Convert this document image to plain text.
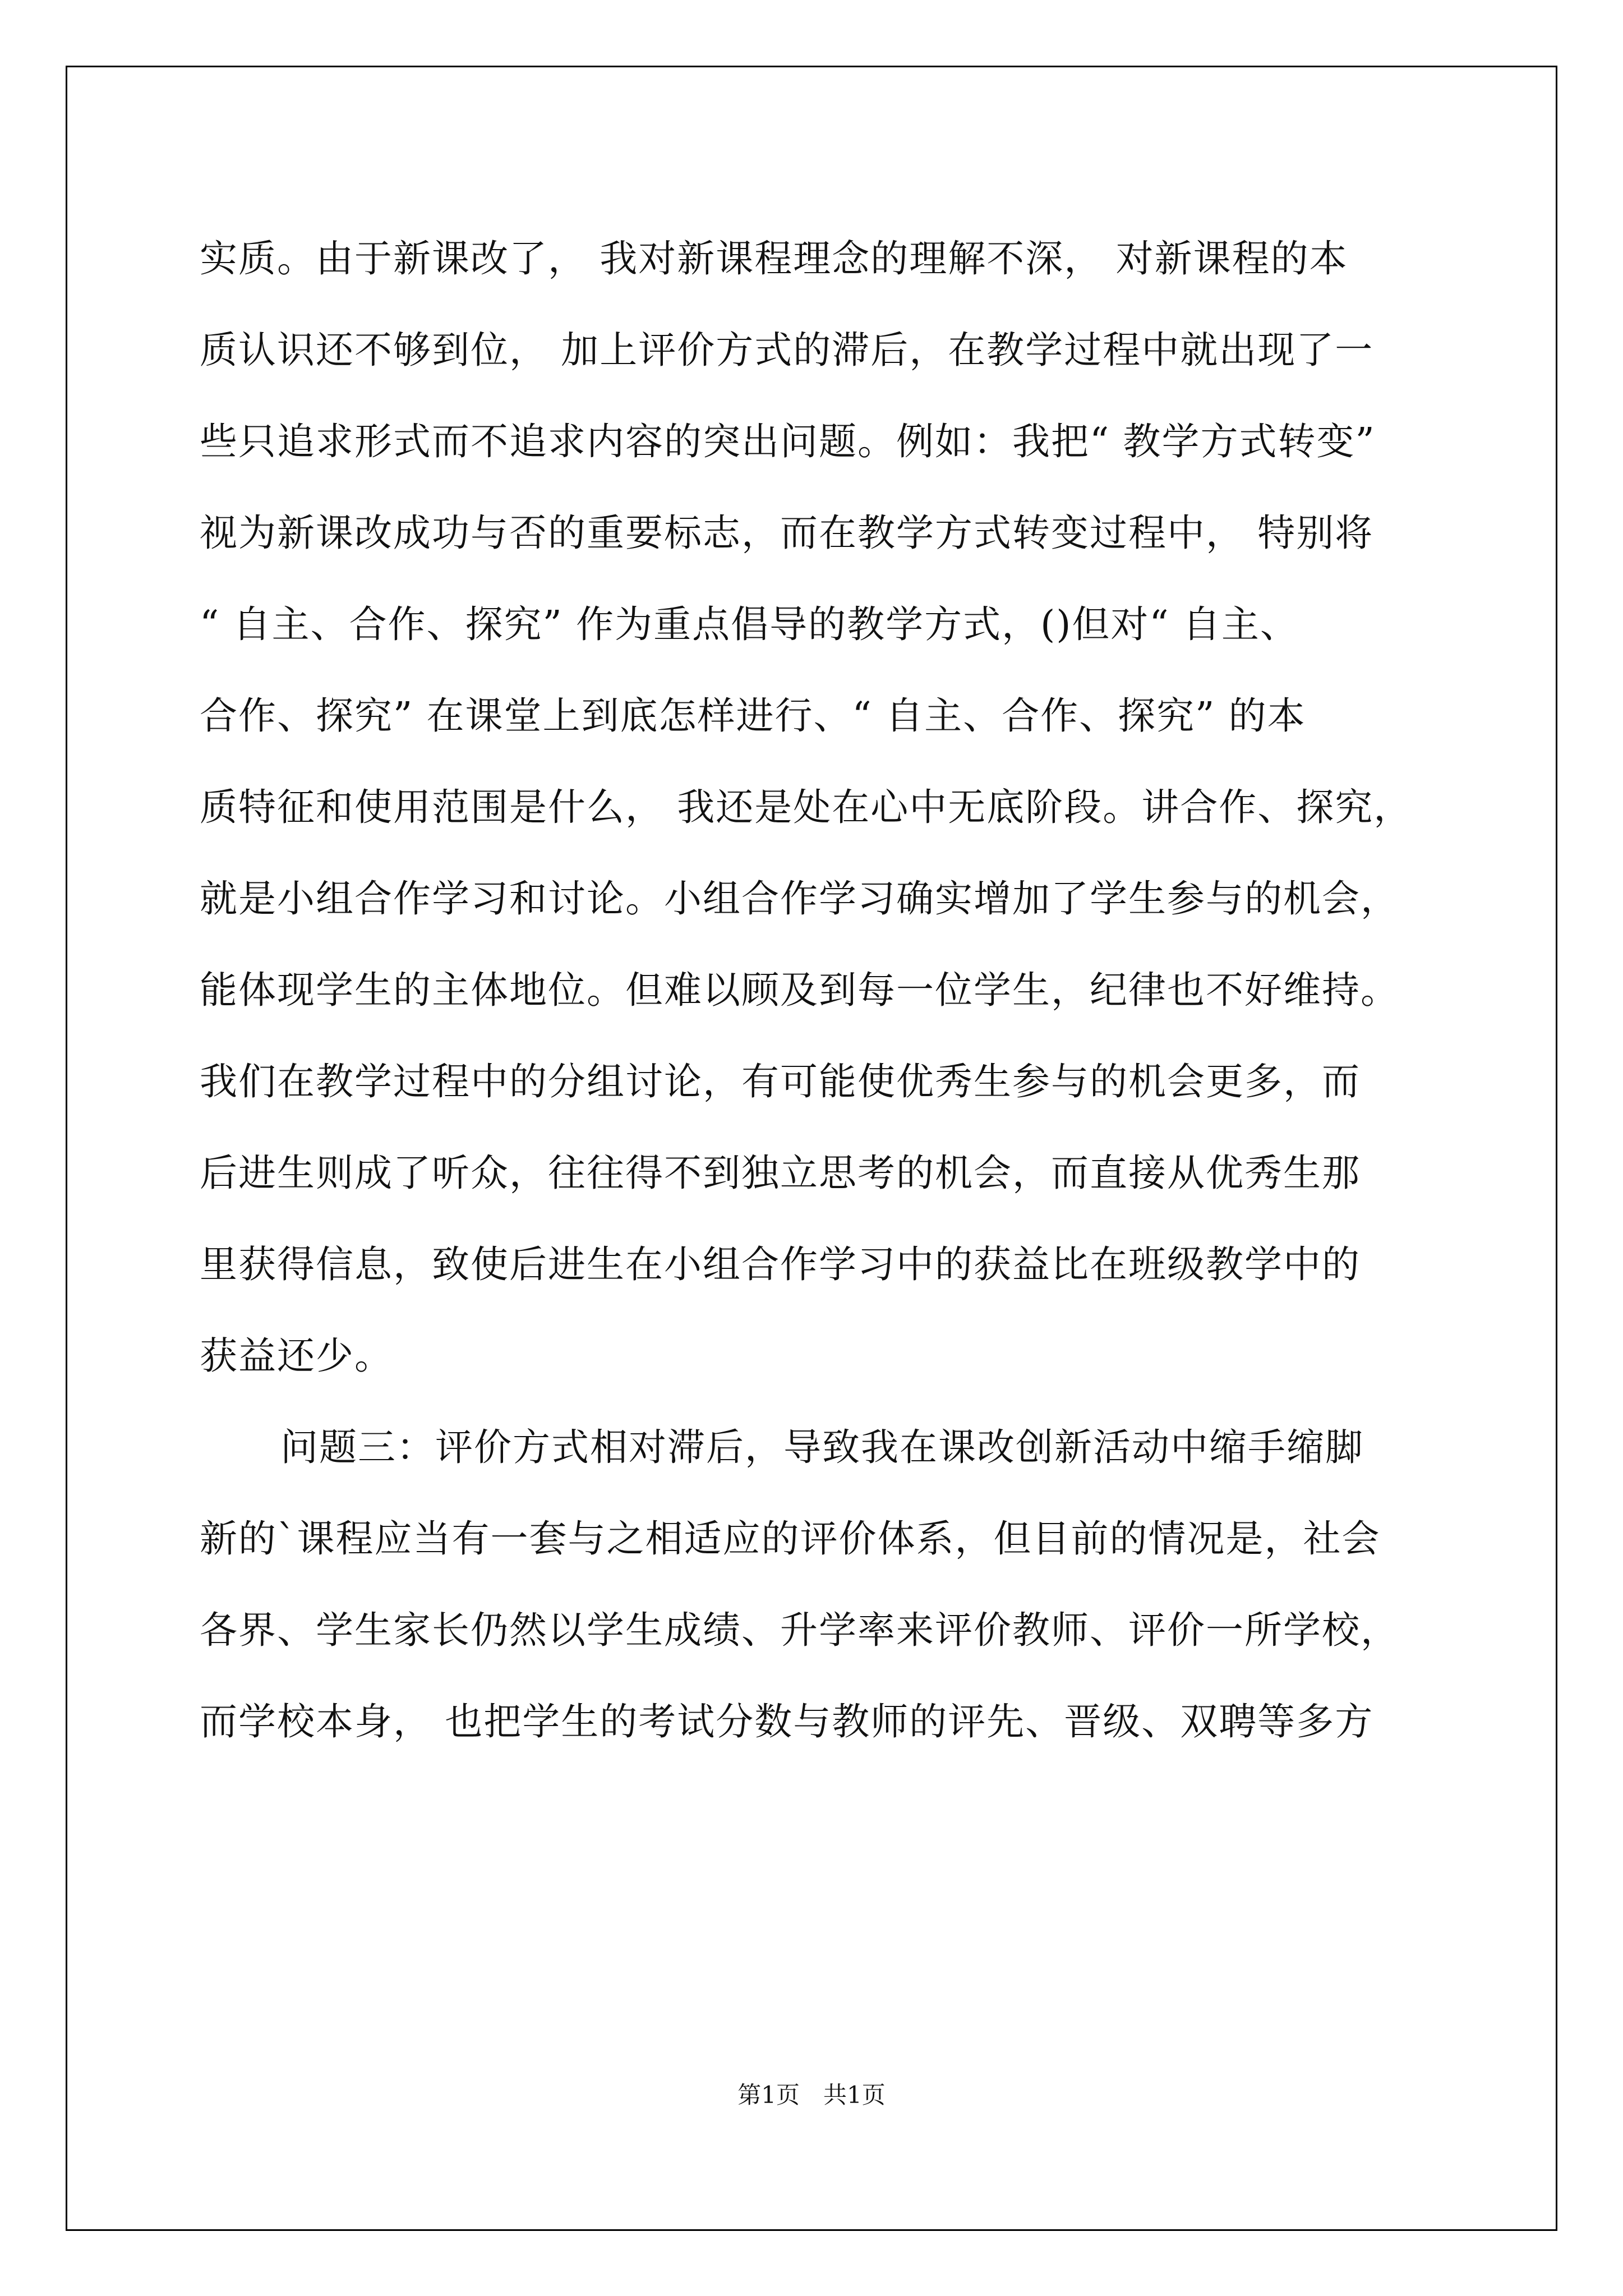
实质。由于新课改了， 我对新课程理念的理解不深， 对新课程的本
质认识还不够到位， 加上评价方式的滞后，在教学过程中就出现了一
些只追求形式而不追求内容的突出问题。例如：我把“ 教学方式转变”
视为新课改成功与否的重要标志，而在教学方式转变过程中， 特别将
“ 自主、合作、探究” 作为重点倡导的教学方式，()但对“ 自主、
合作、探究” 在课堂上到底怎样进行、“ 自主、合作、探究” 的本
质特征和使用范围是什么， 我还是处在心中无底阶段。讲合作、探究，
就是小组合作学习和讨论。小组合作学习确实增加了学生参与的机会，
能体现学生的主体地位。但难以顾及到每一位学生，纪律也不好维持。
我们在教学过程中的分组讨论，有可能使优秀生参与的机会更多，而
后进生则成了听众，往往得不到独立思考的机会，而直接从优秀生那
里获得信息，致使后进生在小组合作学习中的获益比在班级教学中的
获益还少。
问题三：评价方式相对滞后，导致我在课改创新活动中缩手缩脚
新的`课程应当有一套与之相适应的评价体系，但目前的情况是，社会
各界、学生家长仍然以学生成绩、升学率来评价教师、评价一所学校，
而学校本身， 也把学生的考试分数与教师的评先、晋级、双聘等多方
第1页　共1页
